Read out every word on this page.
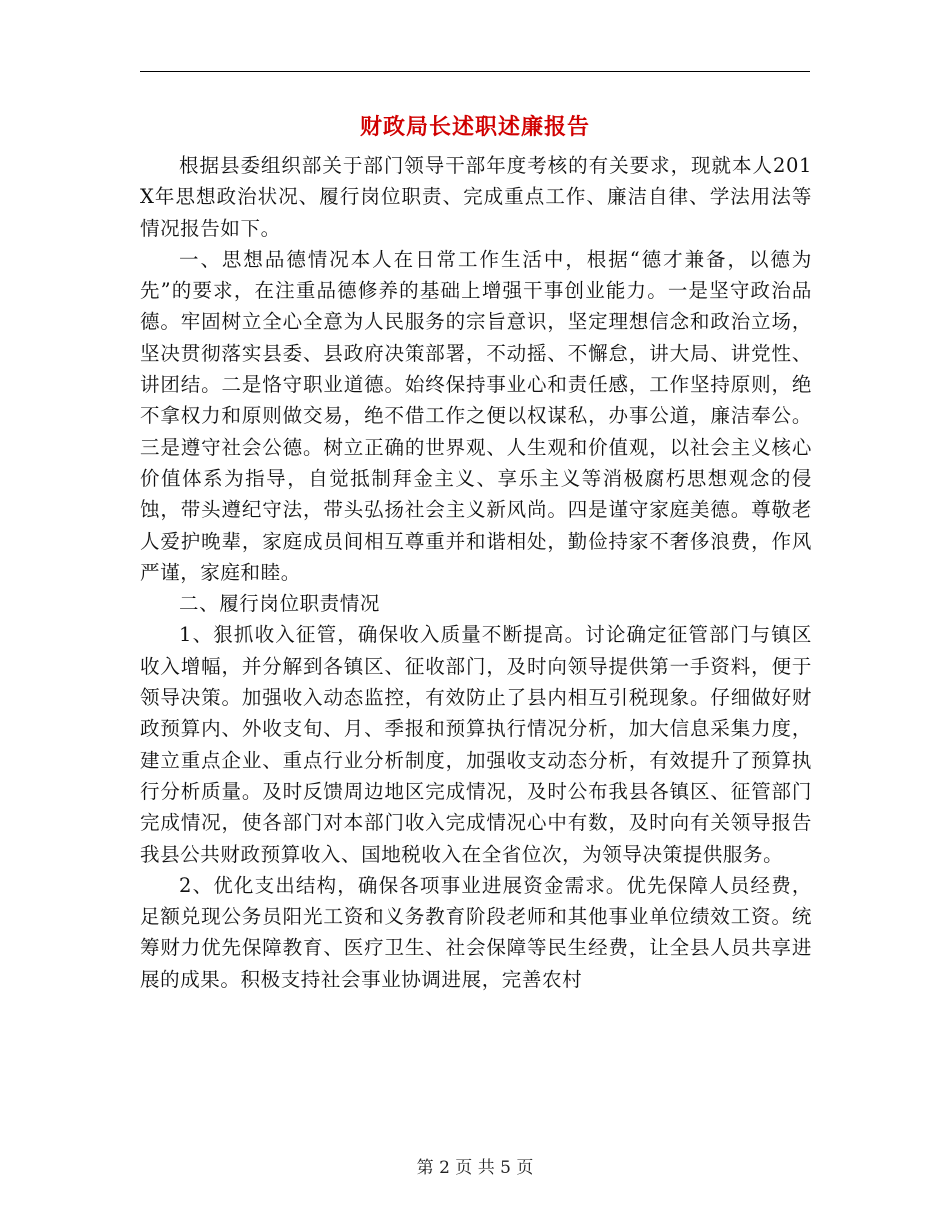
财政局长述职述廉报告

根据县委组织部关于部门领导干部年度考核的有关要求，现就本人201 X年思想政治状况、履行岗位职责、完成重点工作、廉洁自律、学法用法等情况报告如下。

一、思想品德情况本人在日常工作生活中，根据“德才兼备，以德为先”的要求，在注重品德修养的基础上增强干事创业能力。一是坚守政治品德。牢固树立全心全意为人民服务的宗旨意识，坚定理想信念和政治立场，坚决贯彻落实县委、县政府决策部署，不动摇、不懈怠，讲大局、讲党性、讲团结。二是恪守职业道德。始终保持事业心和责任感，工作坚持原则，绝不拿权力和原则做交易，绝不借工作之便以权谋私，办事公道，廉洁奉公。三是遵守社会公德。树立正确的世界观、人生观和价值观，以社会主义核心价值体系为指导，自觉抵制拜金主义、享乐主义等消极腐朽思想观念的侵蚀，带头遵纪守法，带头弘扬社会主义新风尚。四是谨守家庭美德。尊敬老人爱护晚辈，家庭成员间相互尊重并和谐相处，勤俭持家不奢侈浪费，作风严谨，家庭和睦。

二、履行岗位职责情况

1、狠抓收入征管，确保收入质量不断提高。讨论确定征管部门与镇区收入增幅，并分解到各镇区、征收部门，及时向领导提供第一手资料，便于领导决策。加强收入动态监控，有效防止了县内相互引税现象。仔细做好财政预算内、外收支旬、月、季报和预算执行情况分析，加大信息采集力度，建立重点企业、重点行业分析制度，加强收支动态分析，有效提升了预算执行分析质量。及时反馈周边地区完成情况，及时公布我县各镇区、征管部门完成情况，使各部门对本部门收入完成情况心中有数，及时向有关领导报告我县公共财政预算收入、国地税收入在全省位次，为领导决策提供服务。

2、优化支出结构，确保各项事业进展资金需求。优先保障人员经费，足额兑现公务员阳光工资和义务教育阶段老师和其他事业单位绩效工资。统筹财力优先保障教育、医疗卫生、社会保障等民生经费，让全县人员共享进展的成果。积极支持社会事业协调进展，完善农村

第 2 页 共 5 页
